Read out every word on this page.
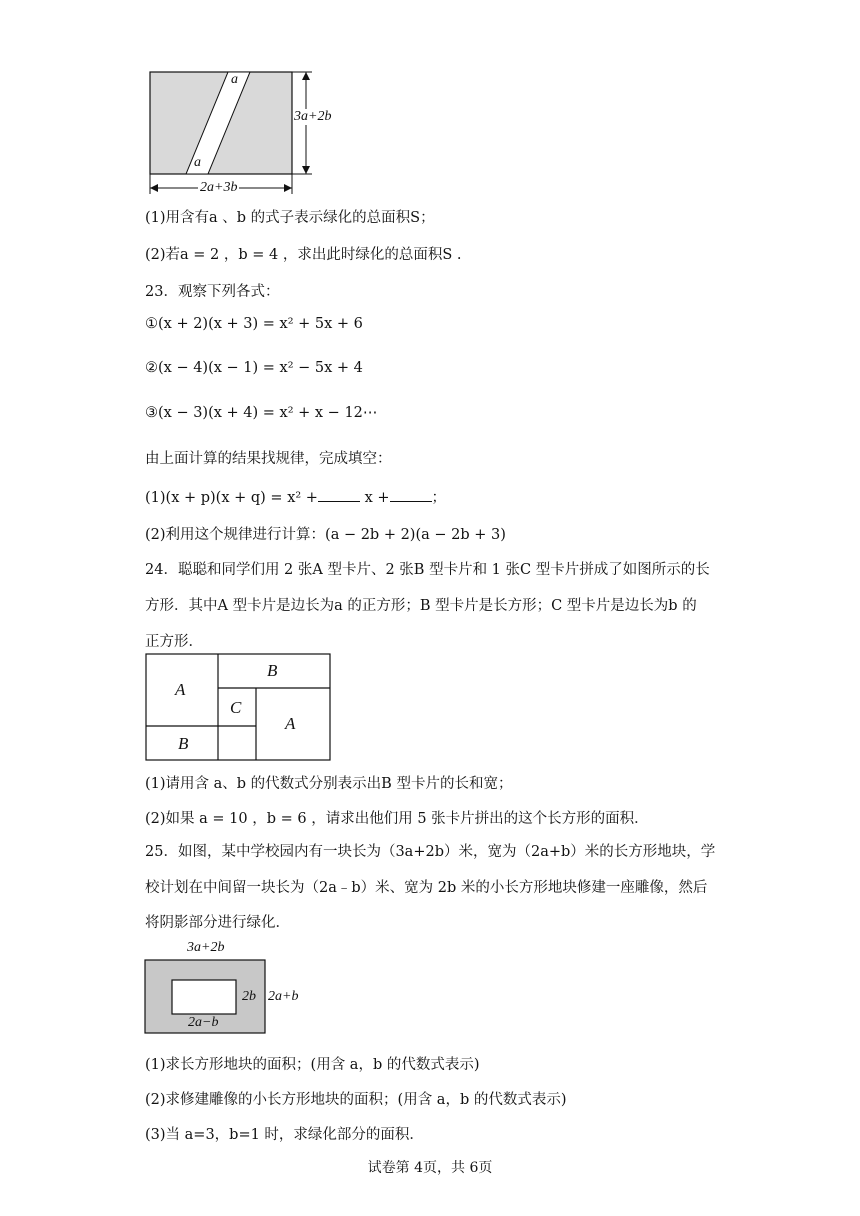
a
a
3a+2b
2a+3b
(1)用含有a 、b 的式子表示绿化的总面积S；
(2)若a = 2 ，b = 4 ，求出此时绿化的总面积S .
23．观察下列各式：
①(x + 2)(x + 3) = x² + 5x + 6
②(x − 4)(x − 1) = x² − 5x + 4
③(x − 3)(x + 4) = x² + x − 12⋯
由上面计算的结果找规律，完成填空：
(1)(x + p)(x + q) = x² +	x +	；
(2)利用这个规律进行计算：(a − 2b + 2)(a − 2b + 3)
24．聪聪和同学们用 2 张A 型卡片、2 张B 型卡片和 1 张C 型卡片拼成了如图所示的长
方形．其中A 型卡片是边长为a 的正方形；B 型卡片是长方形；C 型卡片是边长为b 的
正方形．
A
B
C
A
B
(1)请用含 a、b 的代数式分别表示出B 型卡片的长和宽；
(2)如果 a = 10 ，b = 6 ，请求出他们用 5 张卡片拼出的这个长方形的面积．
25．如图，某中学校园内有一块长为（3a+2b）米，宽为（2a+b）米的长方形地块，学
校计划在中间留一块长为（2a﹣b）米、宽为 2b 米的小长方形地块修建一座雕像，然后
将阴影部分进行绿化．
3a+2b
2b 2a+b
2a−b
(1)求长方形地块的面积；(用含 a，b 的代数式表示)
(2)求修建雕像的小长方形地块的面积；(用含 a，b 的代数式表示)
(3)当 a=3，b=1 时，求绿化部分的面积．
试卷第 4页，共 6页
